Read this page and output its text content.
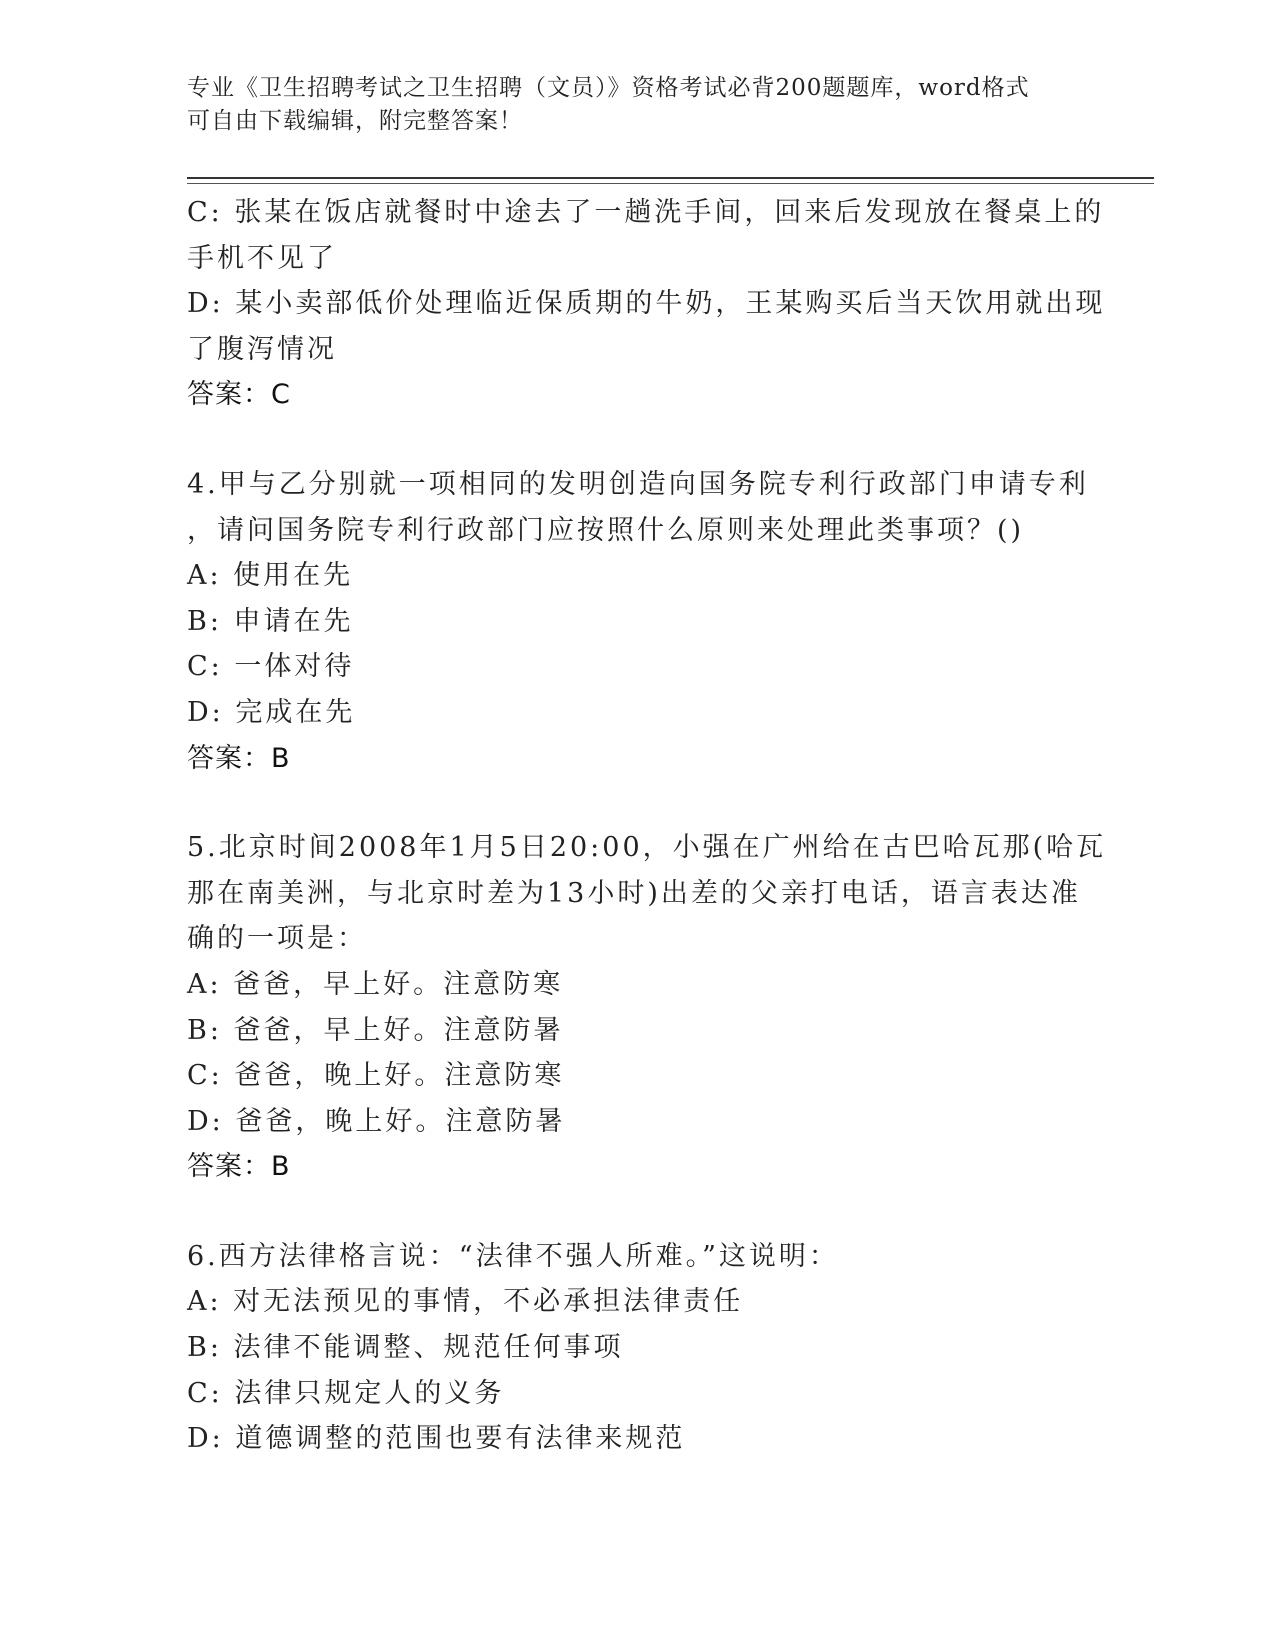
专业《卫生招聘考试之卫生招聘（文员）》资格考试必背200题题库，word格式
可自由下载编辑，附完整答案！
C: 张某在饭店就餐时中途去了一趟洗手间，回来后发现放在餐桌上的
手机不见了
D: 某小卖部低价处理临近保质期的牛奶，王某购买后当天饮用就出现
了腹泻情况
答案：C
4.甲与乙分别就一项相同的发明创造向国务院专利行政部门申请专利
，请问国务院专利行政部门应按照什么原则来处理此类事项？()
A: 使用在先
B: 申请在先
C: 一体对待
D: 完成在先
答案：B
5.北京时间2008年1月5日20:00，小强在广州给在古巴哈瓦那(哈瓦
那在南美洲，与北京时差为13小时)出差的父亲打电话，语言表达准
确的一项是：
A: 爸爸，早上好。注意防寒
B: 爸爸，早上好。注意防暑
C: 爸爸，晚上好。注意防寒
D: 爸爸，晚上好。注意防暑
答案：B
6.西方法律格言说：“法律不强人所难。”这说明：
A: 对无法预见的事情，不必承担法律责任
B: 法律不能调整、规范任何事项
C: 法律只规定人的义务
D: 道德调整的范围也要有法律来规范
